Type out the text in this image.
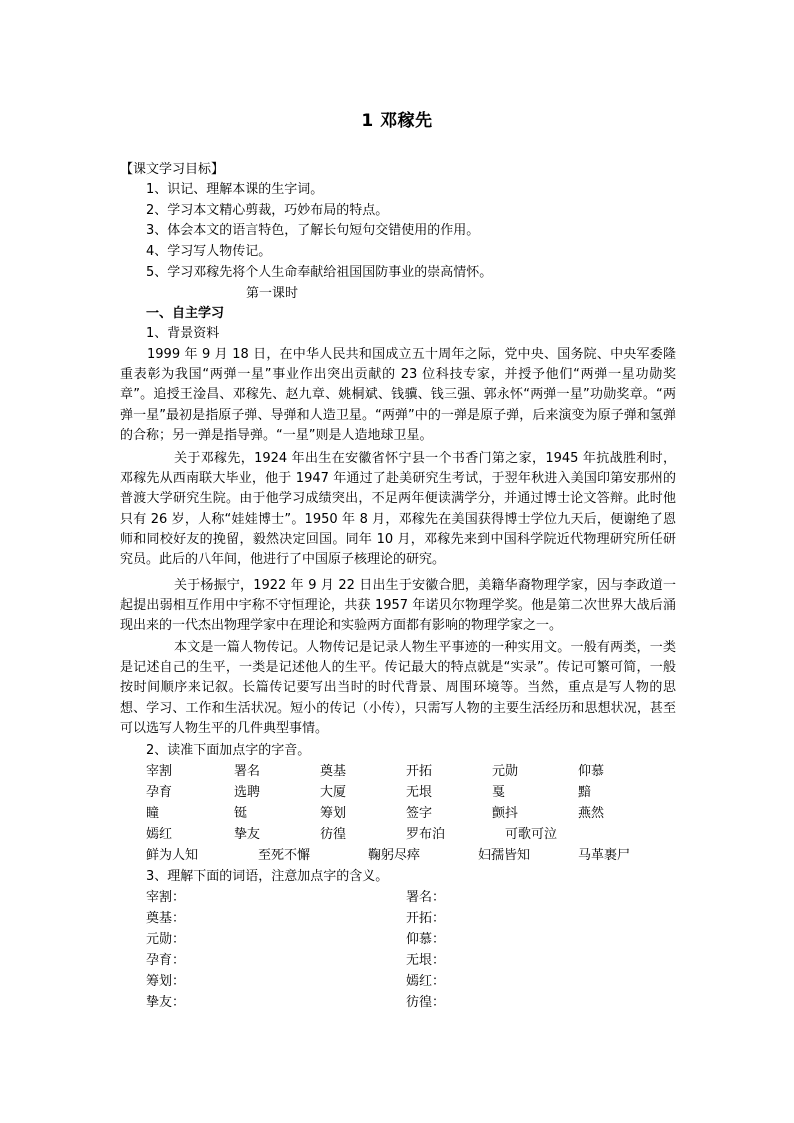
1 邓稼先
【课文学习目标】
1、识记、理解本课的生字词。
2、学习本文精心剪裁，巧妙布局的特点。
3、体会本文的语言特色，了解长句短句交错使用的作用。
4、学习写人物传记。
5、学习邓稼先将个人生命奉献给祖国国防事业的崇高情怀。
第一课时
一、自主学习
1、背景资料
1999 年 9 月 18 日，在中华人民共和国成立五十周年之际，党中央、国务院、中央军委隆重表彰为我国“两弹一星”事业作出突出贡献的 23 位科技专家，并授予他们“两弹一星功勋奖章”。追授王淦昌、邓稼先、赵九章、姚桐斌、钱骥、钱三强、郭永怀“两弹一星”功勋奖章。“两弹一星”最初是指原子弹、导弹和人造卫星。“两弹”中的一弹是原子弹，后来演变为原子弹和氢弹的合称；另一弹是指导弹。“一星”则是人造地球卫星。
关于邓稼先，1924 年出生在安徽省怀宁县一个书香门第之家，1945 年抗战胜利时，邓稼先从西南联大毕业，他于 1947 年通过了赴美研究生考试，于翌年秋进入美国印第安那州的普渡大学研究生院。由于他学习成绩突出，不足两年便读满学分，并通过博士论文答辩。此时他只有 26 岁，人称“娃娃博士”。1950 年 8 月，邓稼先在美国获得博士学位九天后，便谢绝了恩师和同校好友的挽留，毅然决定回国。同年 10 月，邓稼先来到中国科学院近代物理研究所任研究员。此后的八年间，他进行了中国原子核理论的研究。
关于杨振宁，1922 年 9 月 22 日出生于安徽合肥，美籍华裔物理学家，因与李政道一起提出弱相互作用中宇称不守恒理论，共获 1957 年诺贝尔物理学奖。他是第二次世界大战后涌现出来的一代杰出物理学家中在理论和实验两方面都有影响的物理学家之一。
本文是一篇人物传记。人物传记是记录人物生平事迹的一种实用文。一般有两类，一类是记述自己的生平，一类是记述他人的生平。传记最大的特点就是“实录”。传记可繁可简，一般按时间顺序来记叙。长篇传记要写出当时的时代背景、周围环境等。当然，重点是写人物的思想、学习、工作和生活状况。短小的传记（小传），只需写人物的主要生活经历和思想状况，甚至可以选写人物生平的几件典型事情。
2、读准下面加点字的字音。
宰割	署名	奠基	开拓	元勋	仰慕
孕育	选聘	大厦	无垠	戛	黯
瞳	铤	筹划	签字	颤抖	燕然
嫣红	挚友	彷徨	罗布泊	可歌可泣
鲜为人知	至死不懈	鞠躬尽瘁	妇孺皆知	马革裹尸
3、理解下面的词语，注意加点字的含义。
宰割：	署名：
奠基：	开拓：
元勋：	仰慕：
孕育：	无垠：
筹划：	嫣红：
挚友：	彷徨：
